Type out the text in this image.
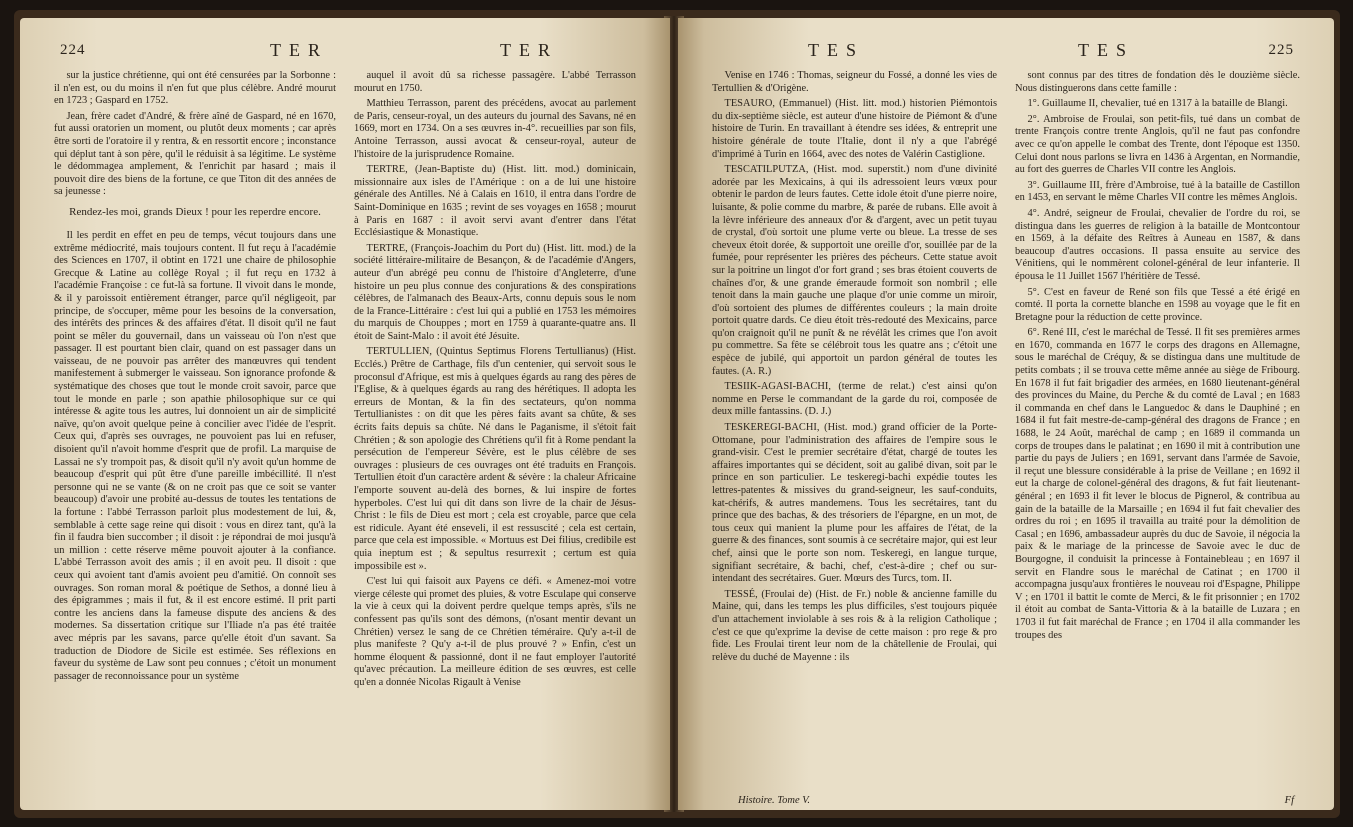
224	TER	TER

sur la justice chrétienne, qui ont été censurées par la Sorbonne : il n'en est, ou du moins il n'en fut que plus célèbre. André mourut en 1723 ; Gaspard en 1752.

Jean, frère cadet d'André, & frère aîné de Gaspard, né en 1670, fut aussi oratorien un moment, ou plutôt deux moments ; car après être sorti de l'oratoire il y rentra, & en ressortit encore ; inconstance qui déplut tant à son père, qu'il le réduisit à sa légitime. Le système le dédommagea amplement, & l'enrichit par hasard ; mais il pouvoit dire des biens de la fortune, ce que Titon dit des années de sa jeunesse :

Rendez-les moi, grands Dieux ! pour les reperdre encore.

Il les perdit en effet en peu de temps, vécut toujours dans une extrême médiocrité, mais toujours content. Il fut reçu à l'académie des Sciences en 1707, il obtint en 1721 une chaire de philosophie Grecque & Latine au collège Royal ; il fut reçu en 1732 à l'académie Françoise : ce fut-là sa fortune. Il vivoit dans le monde, & il y paroissoit entièrement étranger, parce qu'il négligeoit, par principe, de s'occuper, même pour les besoins de la conversation, des intérêts des princes & des affaires d'état. Il disoit qu'il ne faut point se mêler du gouvernail, dans un vaisseau où l'on n'est que passager. Il est pourtant bien clair, quand on est passager dans un vaisseau, de ne pouvoir pas arrêter des manœuvres qui tendent manifestement à submerger le vaisseau. Son ignorance profonde & systématique des choses que tout le monde croit savoir, parce que tout le monde en parle ; son apathie philosophique sur ce qui intéresse & agite tous les autres, lui donnoient un air de simplicité naïve, qu'on avoit quelque peine à concilier avec l'idée de l'esprit. Ceux qui, d'après ses ouvrages, ne pouvoient pas lui en refuser, disoient qu'il n'avoit homme d'esprit que de profil. La marquise de Lassai ne s'y trompoit pas, & disoit qu'il n'y avoit qu'un homme de beaucoup d'esprit qui pût être d'une pareille imbécillité. Il n'est personne qui ne se vante (& on ne croit pas que ce soit se vanter beaucoup) d'avoir une probité au-dessus de toutes les tentations de la fortune : l'abbé Terrasson parloit plus modestement de lui, &, semblable à cette sage reine qui disoit : vous en direz tant, qu'à la fin il faudra bien succomber ; il disoit : je répondrai de moi jusqu'à un million : cette réserve même pouvoit ajouter à la confiance. L'abbé Terrasson avoit des amis ; il en avoit peu. Il disoit : que ceux qui avoient tant d'amis avoient peu d'amitié. On connoît ses ouvrages. Son roman moral & poétique de Sethos, a donné lieu à des épigrammes ; mais il fut, & il est encore estimé. Il prit parti contre les anciens dans la fameuse dispute des anciens & des modernes. Sa dissertation critique sur l'Iliade n'a pas été traitée avec mépris par les savans, parce qu'elle étoit d'un savant. Sa traduction de Diodore de Sicile est estimée. Ses réflexions en faveur du système de Law sont peu connues ; c'étoit un monument passager de reconnoissance pour un système

auquel il avoit dû sa richesse passagère. L'abbé Terrasson mourut en 1750.

Matthieu Terrasson, parent des précédens, avocat au parlement de Paris, censeur-royal, un des auteurs du journal des Savans, né en 1669, mort en 1734. On a ses œuvres in-4°. recueillies par son fils, Antoine Terrasson, aussi avocat & censeur-royal, auteur de l'histoire de la jurisprudence Romaine.

TERTRE, (Jean-Baptiste du) (Hist. litt. mod.) dominicain, missionnaire aux isles de l'Amérique : on a de lui une histoire générale des Antilles. Né à Calais en 1610, il entra dans l'ordre de Saint-Dominique en 1635 ; revint de ses voyages en 1658 ; mourut à Paris en 1687 : il avoit servi avant d'entrer dans l'état Ecclésiastique & Monastique.

TERTRE, (François-Joachim du Port du) (Hist. litt. mod.) de la société littéraire-militaire de Besançon, & de l'académie d'Angers, auteur d'un abrégé peu connu de l'histoire d'Angleterre, d'une histoire un peu plus connue des conjurations & des conspirations célèbres, de l'almanach des Beaux-Arts, connu depuis sous le nom de la France-Littéraire : c'est lui qui a publié en 1753 les mémoires du marquis de Chouppes ; mort en 1759 à quarante-quatre ans. Il étoit de Saint-Malo : il avoit été Jésuite.

TERTULLIEN, (Quintus Septimus Florens Tertullianus) (Hist. Ecclés.) Prêtre de Carthage, fils d'un centenier, qui servoit sous le proconsul d'Afrique, est mis à quelques égards au rang des pères de l'Eglise, & à quelques égards au rang des hérétiques. Il adopta les erreurs de Montan, & la fin des sectateurs, qu'on nomma Tertullianistes : on dit que les pères faits avant sa chûte, & ses écrits faits depuis sa chûte. Né dans le Paganisme, il s'étoit fait Chrétien ; & son apologie des Chrétiens qu'il fit à Rome pendant la persécution de l'empereur Sévère, est le plus célèbre de ses ouvrages : plusieurs de ces ouvrages ont été traduits en François. Tertullien étoit d'un caractère ardent & sévère : la chaleur Africaine l'emporte souvent au-delà des bornes, & lui inspire de fortes hyperboles. C'est lui qui dit dans son livre de la chair de Jésus-Christ : le fils de Dieu est mort ; cela est croyable, parce que cela est ridicule. Ayant été enseveli, il est ressuscité ; cela est certain, parce que cela est impossible. « Mortuus est Dei filius, credibile est quia ineptum est ; & sepultus resurrexit ; certum est quia impossibile est ».

C'est lui qui faisoit aux Payens ce défi. « Amenez-moi votre vierge céleste qui promet des pluies, & votre Esculape qui conserve la vie à ceux qui la doivent perdre quelque temps après, s'ils ne confessent pas qu'ils sont des démons, (n'osant mentir devant un Chrétien) versez le sang de ce Chrétien téméraire. Qu'y a-t-il de plus manifeste ? Qu'y a-t-il de plus prouvé ? » Enfin, c'est un homme éloquent & passionné, dont il ne faut employer l'autorité qu'avec précaution. La meilleure édition de ses œuvres, est celle qu'en a donnée Nicolas Rigault à Venise

TES	TES	225

Venise en 1746 : Thomas, seigneur du Fossé, a donné les vies de Tertullien & d'Origène.

TESAURO, (Emmanuel) (Hist. litt. mod.) historien Piémontois du dix-septième siècle, est auteur d'une histoire de Piémont & d'une histoire de Turin. En travaillant à étendre ses idées, & entreprit une histoire générale de toute l'Italie, dont il n'y a que l'abrégé d'imprimé à Turin en 1664, avec des notes de Valérin Castiglione.

TESCATILPUTZA, (Hist. mod. superstit.) nom d'une divinité adorée par les Mexicains, à qui ils adressoient leurs vœux pour obtenir le pardon de leurs fautes. Cette idole étoit d'une pierre noire, luisante, & polie comme du marbre, & parée de rubans. Elle avoit à la lèvre inférieure des anneaux d'or & d'argent, avec un petit tuyau de crystal, d'où sortoit une plume verte ou bleue. La tresse de ses cheveux étoit dorée, & supportoit une oreille d'or, souillée par de la fumée, pour représenter les prières des pécheurs. Cette statue avoit sur la poitrine un lingot d'or fort grand ; ses bras étoient couverts de chaînes d'or, & une grande émeraude formoit son nombril ; elle tenoit dans la main gauche une plaque d'or unie comme un miroir, d'où sortoient des plumes de différentes couleurs ; la main droite portoit quatre dards. Ce dieu étoit très-redouté des Mexicains, parce qu'on craignoit qu'il ne punît & ne révélât les crimes que l'on avoit pu commettre. Sa fête se célébroit tous les quatre ans ; c'étoit une espèce de jubilé, qui apportoit un pardon général de toutes les fautes. (A. R.)

TESIIK-AGASI-BACHI, (terme de relat.) c'est ainsi qu'on nomme en Perse le commandant de la garde du roi, composée de deux mille fantassins. (D. J.)

TESKEREGI-BACHI, (Hist. mod.) grand officier de la Porte-Ottomane, pour l'administration des affaires de l'empire sous le grand-visir. C'est le premier secrétaire d'état, chargé de toutes les affaires importantes qui se décident, soit au galibé divan, soit par le prince en son particulier. Le teskeregi-bachi expédie toutes les lettres-patentes & missives du grand-seigneur, les sauf-conduits, kat-chérifs, & autres mandemens. Tous les secrétaires, tant du prince que des bachas, & des trésoriers de l'épargne, en un mot, de tous ceux qui manient la plume pour les affaires de l'état, de la guerre & des finances, sont soumis à ce secrétaire major, qui est leur chef, ainsi que le porte son nom. Teskeregi, en langue turque, signifiant secrétaire, & bachi, chef, c'est-à-dire ; chef ou sur-intendant des secrétaires. Guer. Mœurs des Turcs, tom. II.

TESSÉ, (Froulai de) (Hist. de Fr.) noble & ancienne famille du Maine, qui, dans les temps les plus difficiles, s'est toujours piquée d'un attachement inviolable à ses rois & à la religion Catholique ; c'est ce que qu'exprime la devise de cette maison : pro rege & pro fide. Les Froulai tirent leur nom de la châtellenie de Froulai, qui relève du duché de Mayenne : ils

sont connus par des titres de fondation dès le douzième siècle. Nous distinguerons dans cette famille :

1°. Guillaume II, chevalier, tué en 1317 à la bataille de Blangi.

2°. Ambroise de Froulai, son petit-fils, tué dans un combat de trente François contre trente Anglois, qu'il ne faut pas confondre avec ce qu'on appelle le combat des Trente, dont l'époque est 1350. Celui dont nous parlons se livra en 1436 à Argentan, en Normandie, au fort des guerres de Charles VII contre les Anglois.

3°. Guillaume III, frère d'Ambroise, tué à la bataille de Castillon en 1453, en servant le même Charles VII contre les mêmes Anglois.

4°. André, seigneur de Froulai, chevalier de l'ordre du roi, se distingua dans les guerres de religion à la bataille de Montcontour en 1569, à la défaite des Reîtres à Auneau en 1587, & dans beaucoup d'autres occasions. Il passa ensuite au service des Vénitiens, qui le nommèrent colonel-général de leur infanterie. Il épousa le 11 Juillet 1567 l'héritière de Tessé.

5°. C'est en faveur de René son fils que Tessé a été érigé en comté. Il porta la cornette blanche en 1598 au voyage que le fit en Bretagne pour la réduction de cette province.

6°. René III, c'est le maréchal de Tessé. Il fit ses premières armes en 1670, commanda en 1677 le corps des dragons en Allemagne, sous le maréchal de Créquy, & se distingua dans une multitude de petits combats ; il se trouva cette même année au siège de Fribourg. En 1678 il fut fait brigadier des armées, en 1680 lieutenant-général des provinces du Maine, du Perche & du comté de Laval ; en 1683 il commanda en chef dans le Languedoc & dans le Dauphiné ; en 1684 il fut fait mestre-de-camp-général des dragons de France ; en 1688, le 24 Août, maréchal de camp ; en 1689 il commanda un corps de troupes dans le palatinat ; en 1690 il mit à contribution une partie du pays de Juliers ; en 1691, servant dans l'armée de Savoie, il reçut une blessure considérable à la prise de Veillane ; en 1692 il eut la charge de colonel-général des dragons, & fut fait lieutenant-général ; en 1693 il fit lever le blocus de Pignerol, & contribua au gain de la bataille de la Marsaille ; en 1694 il fut fait chevalier des ordres du roi ; en 1695 il travailla au traité pour la démolition de Casal ; en 1696, ambassadeur auprès du duc de Savoie, il négocia la paix & le mariage de la princesse de Savoie avec le duc de Bourgogne, il conduisit la princesse à Fontainebleau ; en 1697 il servit en Flandre sous le maréchal de Catinat ; en 1700 il accompagna jusqu'aux frontières le nouveau roi d'Espagne, Philippe V ; en 1701 il battit le comte de Merci, & le fit prisonnier ; en 1702 il étoit au combat de Santa-Vittoria & à la bataille de Luzara ; en 1703 il fut fait maréchal de France ; en 1704 il alla commander les troupes des

Histoire. Tome V.	Ff
